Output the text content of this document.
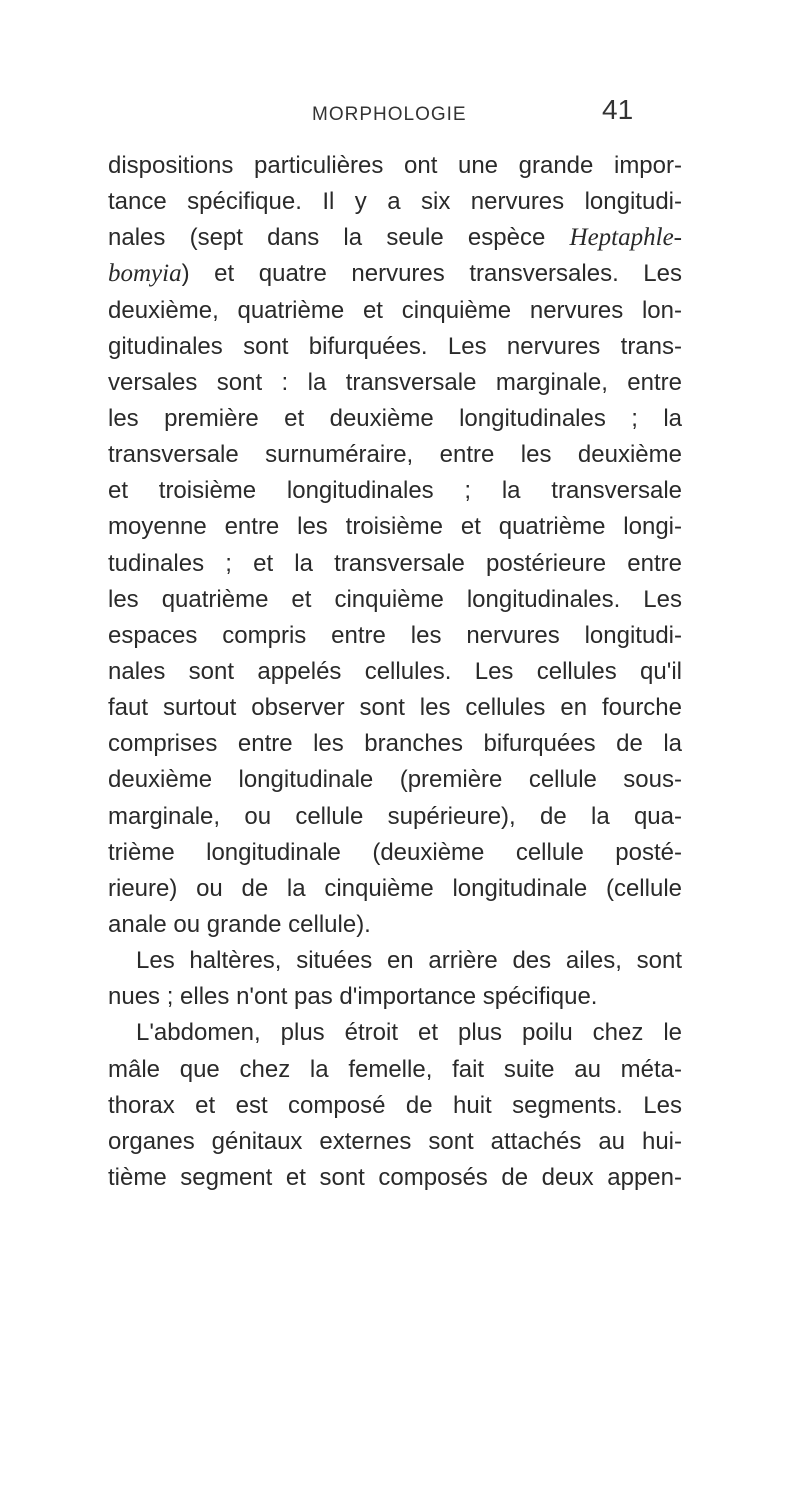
MORPHOLOGIE	41
dispositions particulières ont une grande impor-
tance spécifique. Il y a six nervures longitudi-
nales (sept dans la seule espèce Heptaphle-
bomyia) et quatre nervures transversales. Les
deuxième, quatrième et cinquième nervures lon-
gitudinales sont bifurquées. Les nervures trans-
versales sont : la transversale marginale, entre
les première et deuxième longitudinales ; la
transversale surnuméraire, entre les deuxième
et troisième longitudinales ; la transversale
moyenne entre les troisième et quatrième longi-
tudinales ; et la transversale postérieure entre
les quatrième et cinquième longitudinales. Les
espaces compris entre les nervures longitudi-
nales sont appelés cellules. Les cellules qu'il
faut surtout observer sont les cellules en fourche
comprises entre les branches bifurquées de la
deuxième longitudinale (première cellule sous-
marginale, ou cellule supérieure), de la qua-
trième longitudinale (deuxième cellule posté-
rieure) ou de la cinquième longitudinale (cellule
anale ou grande cellule).
Les haltères, situées en arrière des ailes, sont
nues ; elles n'ont pas d'importance spécifique.
L'abdomen, plus étroit et plus poilu chez le
mâle que chez la femelle, fait suite au méta-
thorax et est composé de huit segments. Les
organes génitaux externes sont attachés au hui-
tième segment et sont composés de deux appen-
